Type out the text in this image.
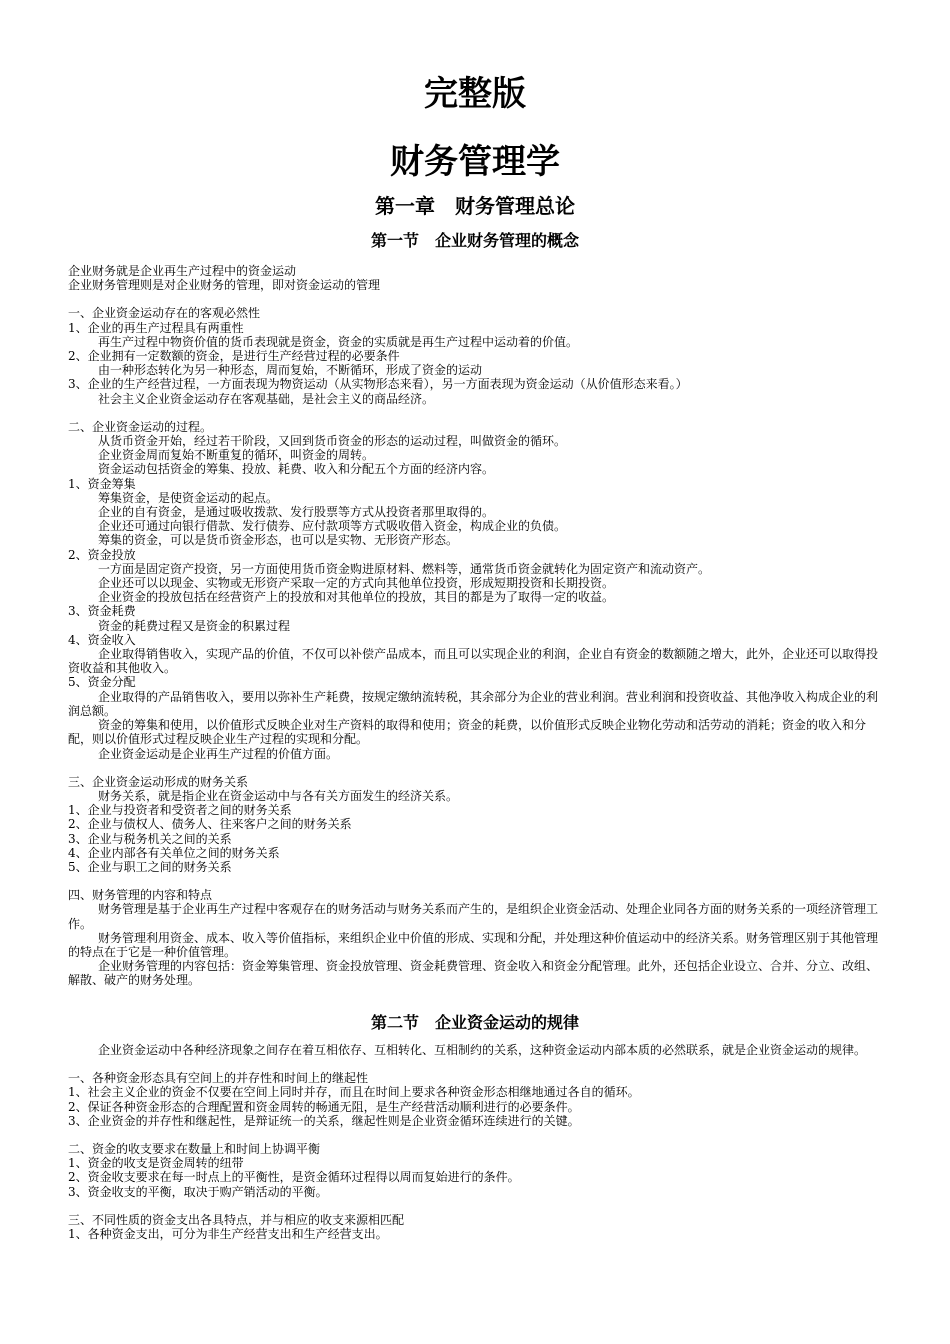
完整版
财务管理学
第一章　财务管理总论
第一节　企业财务管理的概念

企业财务就是企业再生产过程中的资金运动

企业财务管理则是对企业财务的管理，即对资金运动的管理

一、企业资金运动存在的客观必然性

1、企业的再生产过程具有两重性

再生产过程中物资价值的货币表现就是资金，资金的实质就是再生产过程中运动着的价值。

2、企业拥有一定数额的资金，是进行生产经营过程的必要条件

由一种形态转化为另一种形态，周而复始，不断循环，形成了资金的运动

3、企业的生产经营过程，一方面表现为物资运动（从实物形态来看），另一方面表现为资金运动（从价值形态来看。）

社会主义企业资金运动存在客观基础，是社会主义的商品经济。

二、企业资金运动的过程。

从货币资金开始，经过若干阶段，又回到货币资金的形态的运动过程，叫做资金的循环。

企业资金周而复始不断重复的循环，叫资金的周转。

资金运动包括资金的筹集、投放、耗费、收入和分配五个方面的经济内容。

1、资金筹集

筹集资金，是使资金运动的起点。

企业的自有资金，是通过吸收拨款、发行股票等方式从投资者那里取得的。

企业还可通过向银行借款、发行债券、应付款项等方式吸收借入资金，构成企业的负债。

筹集的资金，可以是货币资金形态，也可以是实物、无形资产形态。

2、资金投放

一方面是固定资产投资，另一方面使用货币资金购进原材料、燃料等，通常货币资金就转化为固定资产和流动资产。

企业还可以以现金、实物或无形资产采取一定的方式向其他单位投资，形成短期投资和长期投资。

企业资金的投放包括在经营资产上的投放和对其他单位的投放，其目的都是为了取得一定的收益。

3、资金耗费

资金的耗费过程又是资金的积累过程

4、资金收入

企业取得销售收入，实现产品的价值，不仅可以补偿产品成本，而且可以实现企业的利润，企业自有资金的数额随之增大，此外，企业还可以取得投资收益和其他收入。

5、资金分配

企业取得的产品销售收入，要用以弥补生产耗费，按规定缴纳流转税，其余部分为企业的营业利润。营业利润和投资收益、其他净收入构成企业的利润总额。

资金的筹集和使用，以价值形式反映企业对生产资料的取得和使用；资金的耗费，以价值形式反映企业物化劳动和活劳动的消耗；资金的收入和分配，则以价值形式过程反映企业生产过程的实现和分配。

企业资金运动是企业再生产过程的价值方面。

三、企业资金运动形成的财务关系

财务关系，就是指企业在资金运动中与各有关方面发生的经济关系。

1、企业与投资者和受资者之间的财务关系

2、企业与债权人、债务人、往来客户之间的财务关系

3、企业与税务机关之间的关系

4、企业内部各有关单位之间的财务关系

5、企业与职工之间的财务关系

四、财务管理的内容和特点

财务管理是基于企业再生产过程中客观存在的财务活动与财务关系而产生的，是组织企业资金活动、处理企业同各方面的财务关系的一项经济管理工作。

财务管理利用资金、成本、收入等价值指标，来组织企业中价值的形成、实现和分配，并处理这种价值运动中的经济关系。财务管理区别于其他管理的特点在于它是一种价值管理。

企业财务管理的内容包括：资金筹集管理、资金投放管理、资金耗费管理、资金收入和资金分配管理。此外，还包括企业设立、合并、分立、改组、解散、破产的财务处理。

第二节　企业资金运动的规律

企业资金运动中各种经济现象之间存在着互相依存、互相转化、互相制约的关系，这种资金运动内部本质的必然联系，就是企业资金运动的规律。

一、各种资金形态具有空间上的并存性和时间上的继起性

1、社会主义企业的资金不仅要在空间上同时并存，而且在时间上要求各种资金形态相继地通过各自的循环。

2、保证各种资金形态的合理配置和资金周转的畅通无阻，是生产经营活动顺利进行的必要条件。

3、企业资金的并存性和继起性，是辩证统一的关系，继起性则是企业资金循环连续进行的关键。

二、资金的收支要求在数量上和时间上协调平衡

1、资金的收支是资金周转的纽带

2、资金收支要求在每一时点上的平衡性，是资金循环过程得以周而复始进行的条件。

3、资金收支的平衡，取决于购产销活动的平衡。

三、不同性质的资金支出各具特点，并与相应的收支来源相匹配

1、各种资金支出，可分为非生产经营支出和生产经营支出。
